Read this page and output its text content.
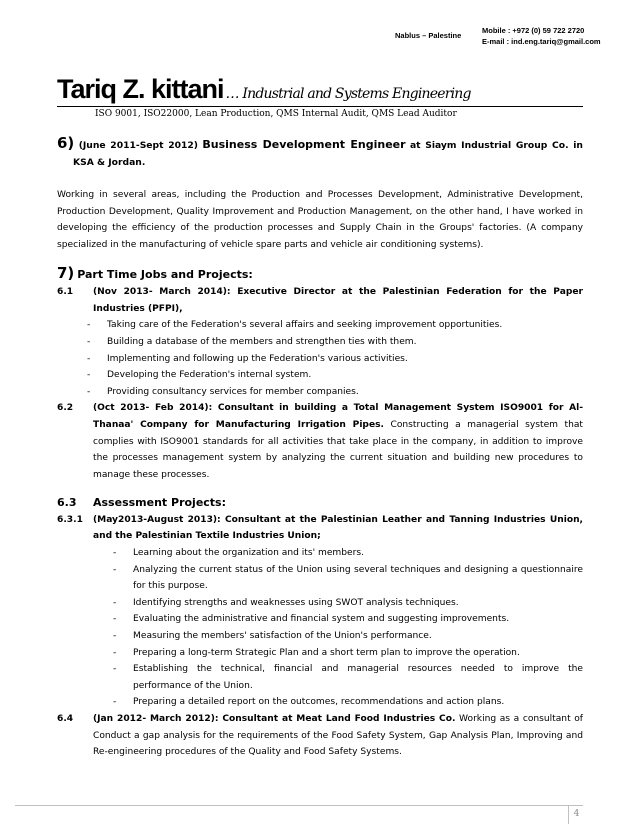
Nablus – Palestine
Mobile : +972 (0) 59 722 2720
E-mail : ind.eng.tariq@gmail.com
Tariq Z. kittani … Industrial and Systems Engineering
ISO 9001, ISO22000, Lean Production, QMS Internal Audit, QMS Lead Auditor
6) (June 2011-Sept 2012) Business Development Engineer at Siaym Industrial Group Co. in KSA & Jordan.
Working in several areas, including the Production and Processes Development, Administrative Development, Production Development, Quality Improvement and Production Management, on the other hand, I have worked in developing the efficiency of the production processes and Supply Chain in the Groups' factories. (A company specialized in the manufacturing of vehicle spare parts and vehicle air conditioning systems).
7) Part Time Jobs and Projects:
6.1	(Nov 2013- March 2014): Executive Director at the Palestinian Federation for the Paper Industries (PFPI),
-	Taking care of the Federation's several affairs and seeking improvement opportunities.
-	Building a database of the members and strengthen ties with them.
-	Implementing and following up the Federation's various activities.
-	Developing the Federation's internal system.
-	Providing consultancy services for member companies.
6.2	(Oct 2013- Feb 2014): Consultant in building a Total Management System ISO9001 for Al-Thanaa' Company for Manufacturing Irrigation Pipes. Constructing a managerial system that complies with ISO9001 standards for all activities that take place in the company, in addition to improve the processes management system by analyzing the current situation and building new procedures to manage these processes.
6.3	Assessment Projects:
6.3.1	(May2013-August 2013): Consultant at the Palestinian Leather and Tanning Industries Union, and the Palestinian Textile Industries Union;
-	Learning about the organization and its' members.
-	Analyzing the current status of the Union using several techniques and designing a questionnaire for this purpose.
-	Identifying strengths and weaknesses using SWOT analysis techniques.
-	Evaluating the administrative and financial system and suggesting improvements.
-	Measuring the members' satisfaction of the Union's performance.
-	Preparing a long-term Strategic Plan and a short term plan to improve the operation.
-	Establishing the technical, financial and managerial resources needed to improve the performance of the Union.
-	Preparing a detailed report on the outcomes, recommendations and action plans.
6.4	(Jan 2012- March 2012): Consultant at Meat Land Food Industries Co. Working as a consultant of Conduct a gap analysis for the requirements of the Food Safety System, Gap Analysis Plan, Improving and Re-engineering procedures of the Quality and Food Safety Systems.
4
